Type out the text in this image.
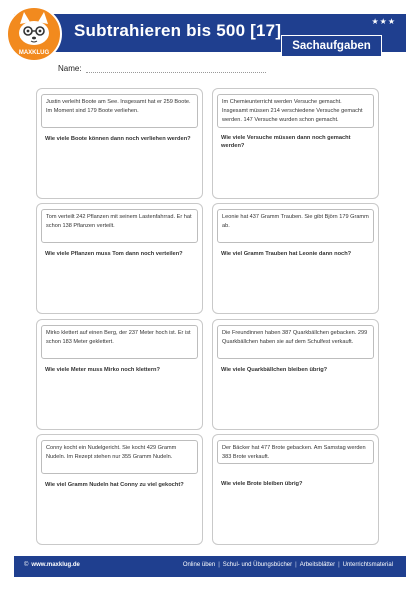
Subtrahieren bis 500 [17]	★★★
Sachaufgaben
MAXKLUG
Name:
Justin verleiht Boote am See. Insgesamt hat er 259 Boote. Im Moment sind 179 Boote verliehen.
Wie viele Boote können dann noch verliehen werden?
Im Chemieunterricht werden Versuche gemacht. Insgesamt müssen 214 verschiedene Versuche gemacht werden. 147 Versuche wurden schon gemacht.
Wie viele Versuche müssen dann noch gemacht werden?
Tom verteilt 242 Pflanzen mit seinem Lastenfahrrad. Er hat schon 138 Pflanzen verteilt.
Wie viele Pflanzen muss Tom dann noch verteilen?
Leonie hat 437 Gramm Trauben. Sie gibt Björn 179 Gramm ab.
Wie viel Gramm Trauben hat Leonie dann noch?
Mirko klettert auf einen Berg, der 237 Meter hoch ist. Er ist schon 183 Meter geklettert.
Wie viele Meter muss Mirko noch klettern?
Die Freundinnen haben 387 Quarkbällchen gebacken. 299 Quarkbällchen haben sie auf dem Schulfest verkauft.
Wie viele Quarkbällchen bleiben übrig?
Conny kocht ein Nudelgericht. Sie kocht 429 Gramm Nudeln. Im Rezept stehen nur 355 Gramm Nudeln.
Wie viel Gramm Nudeln hat Conny zu viel gekocht?
Der Bäcker hat 477 Brote gebacken. Am Samstag werden 383 Brote verkauft.
Wie viele Brote bleiben übrig?
© www.maxklug.de	Online üben | Schul- und Übungsbücher | Arbeitsblätter | Unterrichtsmaterial
